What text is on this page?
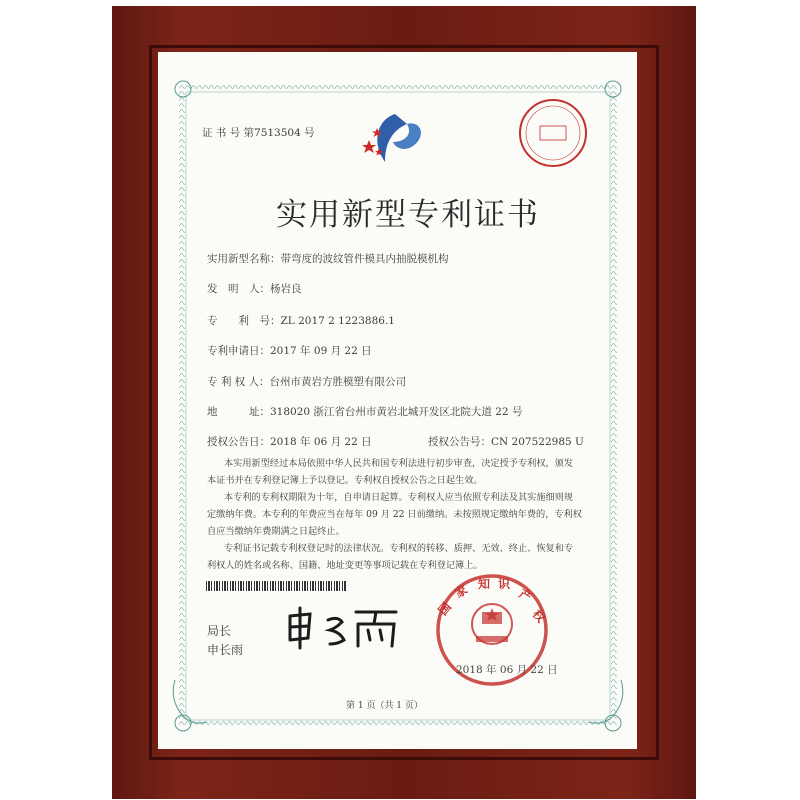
证 书 号 第7513504 号
实用新型专利证书
实用新型名称：带弯度的波纹管件模具内抽脱模机构
发　明　人：杨岩良
专　　利　号：ZL 2017 2 1223886.1
专利申请日：2017 年 09 月 22 日
专 利 权 人：台州市黄岩方胜模塑有限公司
地　　　址：318020 浙江省台州市黄岩北城开发区北院大道 22 号
授权公告日：2018 年 06 月 22 日	授权公告号：CN 207522985 U
本实用新型经过本局依照中华人民共和国专利法进行初步审查，决定授予专利权，颁发
本证书并在专利登记簿上予以登记。专利权自授权公告之日起生效。
本专利的专利权期限为十年，自申请日起算。专利权人应当依照专利法及其实施细则规
定缴纳年费。本专利的年费应当在每年 09 月 22 日前缴纳。未按照规定缴纳年费的，专利权
自应当缴纳年费期满之日起终止。
专利证书记载专利权登记时的法律状况。专利权的转移、质押、无效、终止、恢复和专
利权人的姓名或名称、国籍、地址变更等事项记载在专利登记簿上。
局长
申长雨
国
家 知 识
产
权
2018 年 06 月 22 日
第 1 页（共 1 页）
